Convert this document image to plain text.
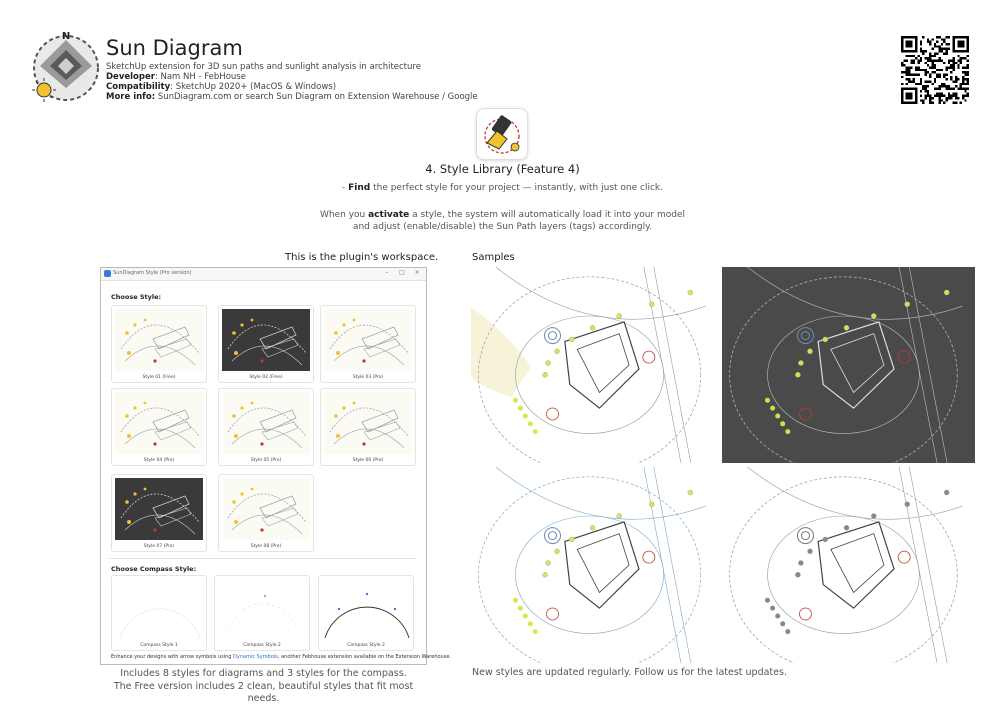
N Sun Diagram
SketchUp extension for 3D sun paths and sunlight analysis in architecture
Developer: Nam NH - FebHouse
Compatibility: SketchUp 2020+ (MacOS & Windows)
More info: SunDiagram.com or search Sun Diagram on Extension Warehouse / Google
4. Style Library (Feature 4)
- Find the perfect style for your project — instantly, with just one click.
When you activate a style, the system will automatically load it into your model
and adjust (enable/disable) the Sun Path layers (tags) accordingly.
This is the plugin's workspace.	Samples
SunDiagram Style (Pro version)	–	□	×
Choose Style:
Style 01 (Free)	Style 02 (Free)	Style 03 (Pro)
Style 04 (Pro)	Style 05 (Pro)	Style 06 (Pro)
Style 07 (Pro)	Style 08 (Pro)
Choose Compass Style:
Compass Style 1	Compass Style 2	Compass Style 3
Enhance your designs with arrow symbols using Dynamic Symbols, another Febhouse extension available on the Extension Warehouse.
Includes 8 styles for diagrams and 3 styles for the compass.
The Free version includes 2 clean, beautiful styles that fit most needs.
New styles are updated regularly. Follow us for the latest updates.
